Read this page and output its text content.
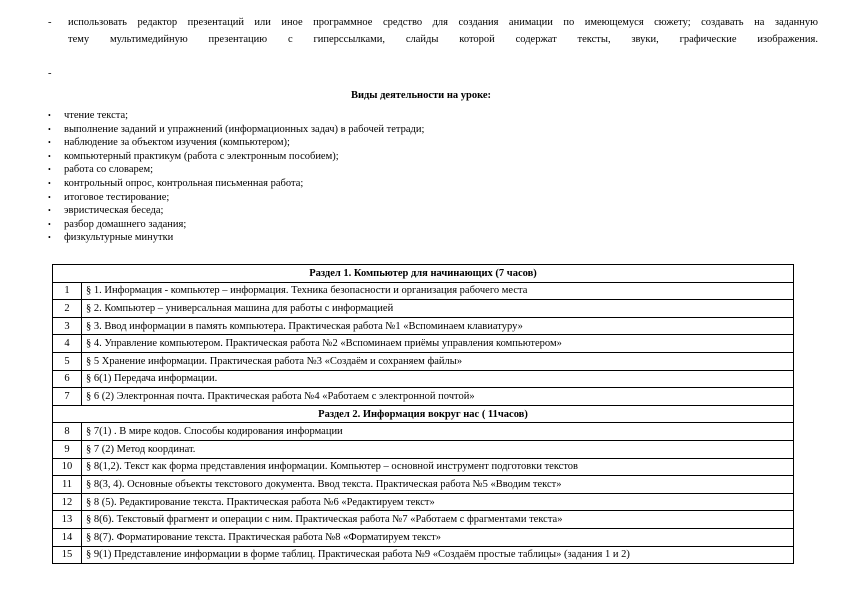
-	использовать редактор презентаций или иное программное средство для создания анимации по имеющемуся сюжету; создавать на заданную
тему мультимедийную презентацию с гиперссылками, слайды которой содержат тексты, звуки, графические изображения.
-
Виды деятельности на уроке:
•	чтение текста;
•	выполнение заданий и упражнений (информационных задач) в рабочей тетради;
•	наблюдение за объектом изучения (компьютером);
•	компьютерный практикум (работа с электронным пособием);
•	работа со словарем;
•	контрольный опрос, контрольная письменная работа;
•	итоговое тестирование;
•	эвристическая беседа;
•	разбор домашнего задания;
•	физкультурные минутки
Раздел 1. Компьютер для начинающих (7 часов)	
1	§ 1. Информация - компьютер – информация. Техника безопасности и организация рабочего места
2	§ 2. Компьютер – универсальная машина для работы с информацией
3	§ 3. Ввод информации в память компьютера. Практическая работа №1 «Вспоминаем клавиатуру»
4	§ 4. Управление компьютером. Практическая работа №2 «Вспоминаем приёмы управления компьютером»
5	§ 5 Хранение информации. Практическая работа №3 «Создаём и сохраняем файлы»
6	§ 6(1) Передача информации.
7	§ 6 (2) Электронная почта. Практическая работа №4 «Работаем с электронной почтой»
Раздел 2. Информация вокруг нас ( 11часов)	
8	§ 7(1) . В мире кодов. Способы кодирования информации
9	§ 7 (2) Метод координат.
10	§ 8(1,2). Текст как форма представления информации. Компьютер – основной инструмент подготовки текстов
11	§ 8(3, 4). Основные объекты текстового документа. Ввод текста. Практическая работа №5 «Вводим текст»
12	§ 8 (5). Редактирование текста. Практическая работа №6 «Редактируем текст»
13	§ 8(6). Текстовый фрагмент и операции с ним. Практическая работа №7 «Работаем с фрагментами текста»
14	§ 8(7). Форматирование текста. Практическая работа №8 «Форматируем текст»
15	§ 9(1) Представление информации в форме таблиц. Практическая работа №9 «Создаём простые таблицы» (задания 1 и 2)
